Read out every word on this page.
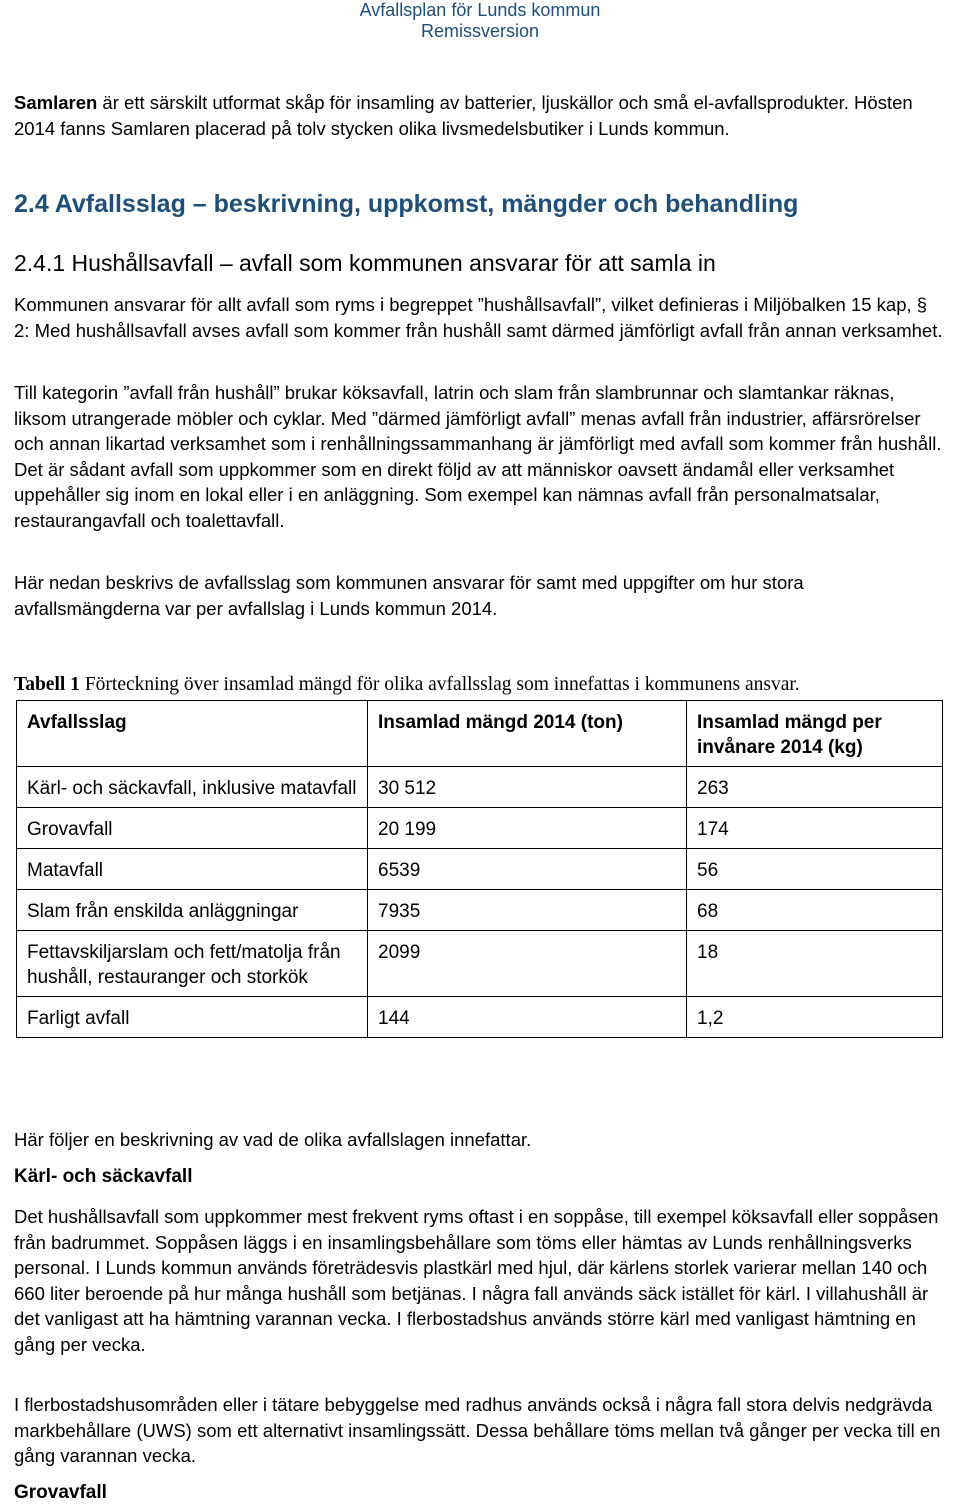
Avfallsplan för Lunds kommun
Remissversion

Samlaren är ett särskilt utformat skåp för insamling av batterier, ljuskällor och små el-avfallsprodukter. Hösten 2014 fanns Samlaren placerad på tolv stycken olika livsmedelsbutiker i Lunds kommun.

2.4 Avfallsslag – beskrivning, uppkomst, mängder och behandling
2.4.1 Hushållsavfall – avfall som kommunen ansvarar för att samla in

Kommunen ansvarar för allt avfall som ryms i begreppet ”hushållsavfall”, vilket definieras i Miljöbalken 15 kap, § 2: Med hushållsavfall avses avfall som kommer från hushåll samt därmed jämförligt avfall från annan verksamhet.

Till kategorin ”avfall från hushåll” brukar köksavfall, latrin och slam från slambrunnar och slamtankar räknas, liksom utrangerade möbler och cyklar. Med ”därmed jämförligt avfall” menas avfall från industrier, affärsrörelser och annan likartad verksamhet som i renhållningssammanhang är jämförligt med avfall som kommer från hushåll. Det är sådant avfall som uppkommer som en direkt följd av att människor oavsett ändamål eller verksamhet uppehåller sig inom en lokal eller i en anläggning. Som exempel kan nämnas avfall från personalmatsalar, restaurangavfall och toalettavfall.

Här nedan beskrivs de avfallsslag som kommunen ansvarar för samt med uppgifter om hur stora avfallsmängderna var per avfallslag i Lunds kommun 2014.

Tabell 1 Förteckning över insamlad mängd för olika avfallsslag som innefattas i kommunens ansvar.
Avfallsslag	Insamlad mängd 2014 (ton)	Insamlad mängd per invånare 2014 (kg)
Kärl- och säckavfall, inklusive matavfall	30 512	263
Grovavfall	20 199	174
Matavfall	6539	56
Slam från enskilda anläggningar	7935	68
Fettavskiljarslam och fett/matolja från hushåll, restauranger och storkök	2099	18
Farligt avfall	144	1,2

Här följer en beskrivning av vad de olika avfallslagen innefattar.

Kärl- och säckavfall

Det hushållsavfall som uppkommer mest frekvent ryms oftast i en soppåse, till exempel köksavfall eller soppåsen från badrummet. Soppåsen läggs i en insamlingsbehållare som töms eller hämtas av Lunds renhållningsverks personal. I Lunds kommun används företrädesvis plastkärl med hjul, där kärlens storlek varierar mellan 140 och 660 liter beroende på hur många hushåll som betjänas. I några fall används säck istället för kärl. I villahushåll är det vanligast att ha hämtning varannan vecka. I flerbostadshus används större kärl med vanligast hämtning en gång per vecka.

I flerbostadshusområden eller i tätare bebyggelse med radhus används också i några fall stora delvis nedgrävda markbehållare (UWS) som ett alternativt insamlingssätt. Dessa behållare töms mellan två gånger per vecka till en gång varannan vecka.

Grovavfall
